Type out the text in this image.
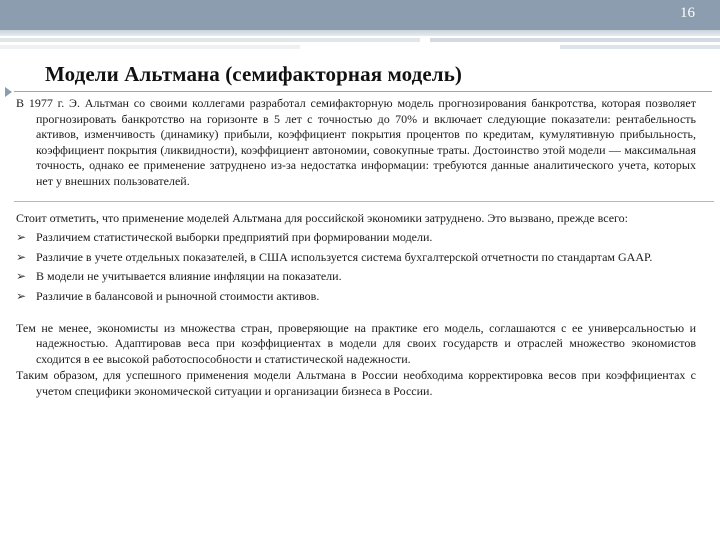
16
Модели Альтмана (семифакторная модель)

В 1977 г. Э. Альтман со своими коллегами разработал семифакторную модель прогнозирования банкротства, которая позволяет прогнозировать банкротство на горизонте в 5 лет с точностью до 70% и включает следующие показатели: рентабельность активов, изменчивость (динамику) прибыли, коэффициент покрытия процентов по кредитам, кумулятивную прибыльность, коэффициент покрытия (ликвидности), коэффициент автономии, совокупные траты. Достоинство этой модели — максимальная точность, однако ее применение затруднено из-за недостатка информации: требуются данные аналитического учета, которых нет у внешних пользователей.

Стоит отметить, что применение моделей Альтмана для российской экономики затруднено. Это вызвано, прежде всего:

➢ Различием статистической выборки предприятий при формировании модели.
➢ Различие в учете отдельных показателей, в США используется система бухгалтерской отчетности по стандартам GAAP.
➢ В модели не учитывается влияние инфляции на показатели.
➢ Различие в балансовой и рыночной стоимости активов.

Тем не менее, экономисты из множества стран, проверяющие на практике его модель, соглашаются с ее универсальностью и надежностью. Адаптировав веса при коэффициентах в модели для своих государств и отраслей множество экономистов сходится в ее высокой работоспособности и статистической надежности.

Таким образом, для успешного применения модели Альтмана в России необходима корректировка весов при коэффициентах с учетом специфики экономической ситуации и организации бизнеса в России.
